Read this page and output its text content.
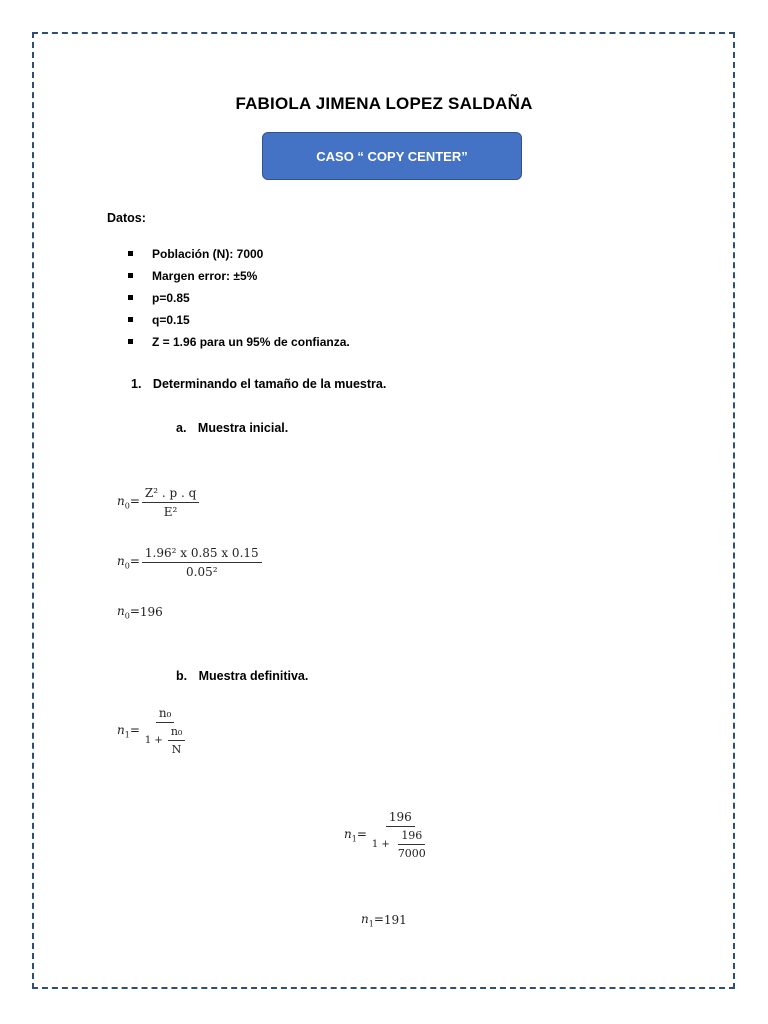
FABIOLA JIMENA LOPEZ SALDAÑA
CASO “ COPY CENTER”
Datos:
Población (N): 7000
Margen error: ±5%
p=0.85
q=0.15
Z = 1.96 para un 95% de confianza.
1. Determinando el tamaño de la muestra.
a. Muestra inicial.
$n_0= \frac{\text{Z² . p . q}}{\text{E²}}$
$n_0= \frac{\text{1.96² x 0.85 x 0.15}}{\text{0.05²}}$
$n_0= 196$
b. Muestra definitiva.
$n_1= \frac{\text{n₀}}{1 + \frac{\text{n₀}}{N}}$
$n_1= \frac{196}{1 + \frac{196}{7000}}$
$n_1= 191$
